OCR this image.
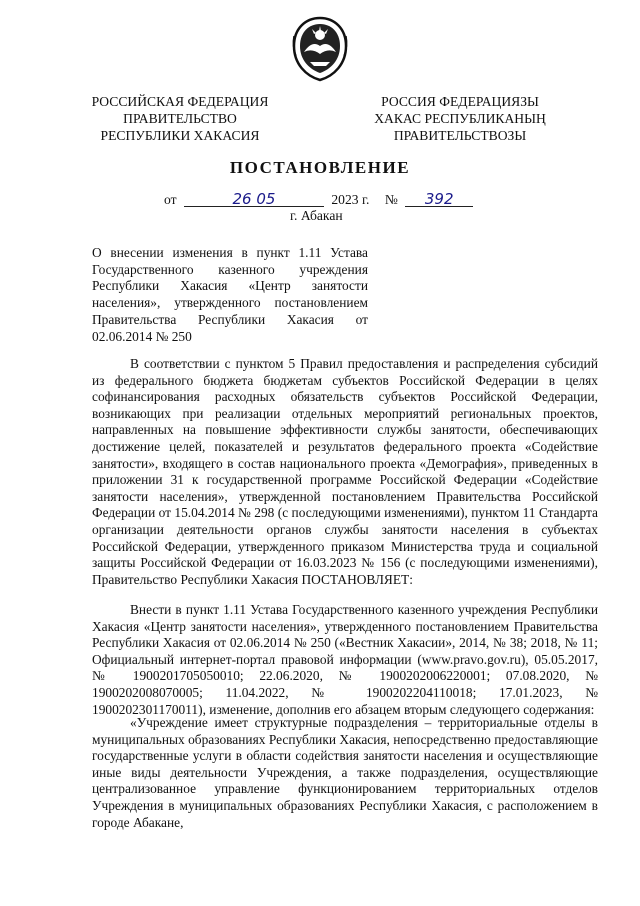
РОССИЙСКАЯ ФЕДЕРАЦИЯ
ПРАВИТЕЛЬСТВО
РЕСПУБЛИКИ ХАКАСИЯ
РОССИЯ ФЕДЕРАЦИЯЗЫ
ХАКАС РЕСПУБЛИКАНЫҢ
ПРАВИТЕЛЬСТВОЗЫ
ПОСТАНОВЛЕНИЕ
от	26 05	2023 г. № 392
г. Абакан
О внесении изменения в пункт 1.11 Устава Государственного казенного учреждения Республики Хакасия «Центр занятости населения», утвержденного постановлением Правительства Республики Хакасия от 02.06.2014 № 250
В соответствии с пунктом 5 Правил предоставления и распределения субсидий из федерального бюджета бюджетам субъектов Российской Федерации в целях софинансирования расходных обязательств субъектов Российской Федерации, возникающих при реализации отдельных мероприятий региональных проектов, направленных на повышение эффективности службы занятости, обеспечивающих достижение целей, показателей и результатов федерального проекта «Содействие занятости», входящего в состав национального проекта «Демография», приведенных в приложении 31 к государственной программе Российской Федерации «Содействие занятости населения», утвержденной постановлением Правительства Российской Федерации от 15.04.2014 № 298 (с последующими изменениями), пунктом 11 Стандарта организации деятельности органов службы занятости населения в субъектах Российской Федерации, утвержденного приказом Министерства труда и социальной защиты Российской Федерации от 16.03.2023 № 156 (с последующими изменениями), Правительство Республики Хакасия ПОСТАНОВЛЯЕТ:
Внести в пункт 1.11 Устава Государственного казенного учреждения Республики Хакасия «Центр занятости населения», утвержденного постановлением Правительства Республики Хакасия от 02.06.2014 № 250 («Вестник Хакасии», 2014, № 38; 2018, № 11; Официальный интернет-портал правовой информации (www.pravo.gov.ru), 05.05.2017, № 1900201705050010; 22.06.2020, № 1900202006220001; 07.08.2020, № 1900202008070005; 11.04.2022, № 1900202204110018; 17.01.2023, № 1900202301170011), изменение, дополнив его абзацем вторым следующего содержания:
«Учреждение имеет структурные подразделения – территориальные отделы в муниципальных образованиях Республики Хакасия, непосредственно предоставляющие государственные услуги в области содействия занятости населения и осуществляющие иные виды деятельности Учреждения, а также подразделения, осуществляющие централизованное управление функционированием территориальных отделов Учреждения в муниципальных образованиях Республики Хакасия, с расположением в городе Абакане,
